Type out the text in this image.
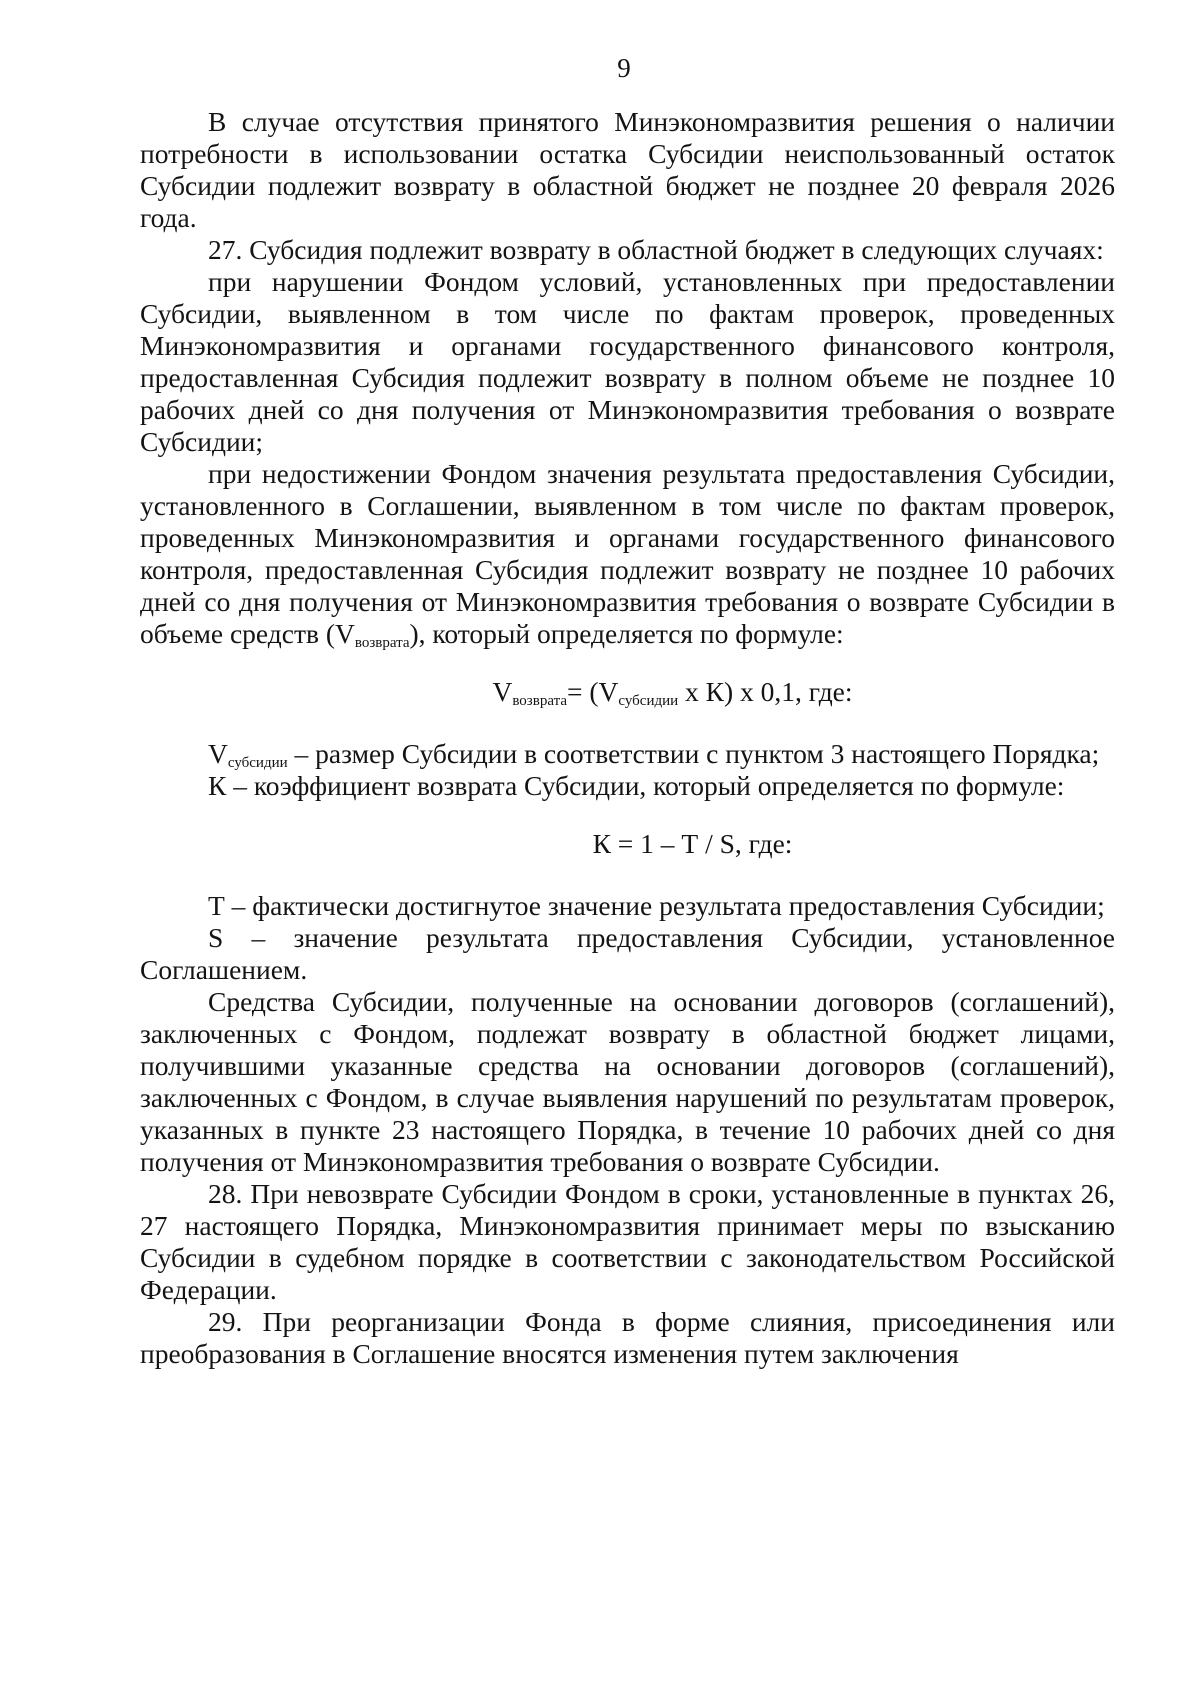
9

В случае отсутствия принятого Минэкономразвития решения о наличии потребности в использовании остатка Субсидии неиспользованный остаток Субсидии подлежит возврату в областной бюджет не позднее 20 февраля 2026 года.

27. Субсидия подлежит возврату в областной бюджет в следующих случаях:

при нарушении Фондом условий, установленных при предоставлении Субсидии, выявленном в том числе по фактам проверок, проведенных Минэкономразвития и органами государственного финансового контроля, предоставленная Субсидия подлежит возврату в полном объеме не позднее 10 рабочих дней со дня получения от Минэкономразвития требования о возврате Субсидии;

при недостижении Фондом значения результата предоставления Субсидии, установленного в Соглашении, выявленном в том числе по фактам проверок, проведенных Минэкономразвития и органами государственного финансового контроля, предоставленная Субсидия подлежит возврату не позднее 10 рабочих дней со дня получения от Минэкономразвития требования о возврате Субсидии в объеме средств $(V_{возврата})$, который определяется по формуле:

$V_{возврата}= (V_{субсидии}$ х К) х 0,1, где:

$V_{субсидии}$ – размер Субсидии в соответствии с пунктом 3 настоящего Порядка;

К – коэффициент возврата Субсидии, который определяется по формуле:

К = 1 – Т / S, где:

Т – фактически достигнутое значение результата предоставления Субсидии;

S – значение результата предоставления Субсидии, установленное Соглашением.

Средства Субсидии, полученные на основании договоров (соглашений), заключенных с Фондом, подлежат возврату в областной бюджет лицами, получившими указанные средства на основании договоров (соглашений), заключенных с Фондом, в случае выявления нарушений по результатам проверок, указанных в пункте 23 настоящего Порядка, в течение 10 рабочих дней со дня получения от Минэкономразвития требования о возврате Субсидии.

28. При невозврате Субсидии Фондом в сроки, установленные в пунктах 26, 27 настоящего Порядка, Минэкономразвития принимает меры по взысканию Субсидии в судебном порядке в соответствии с законодательством Российской Федерации.

29. При реорганизации Фонда в форме слияния, присоединения или преобразования в Соглашение вносятся изменения путем заключения
